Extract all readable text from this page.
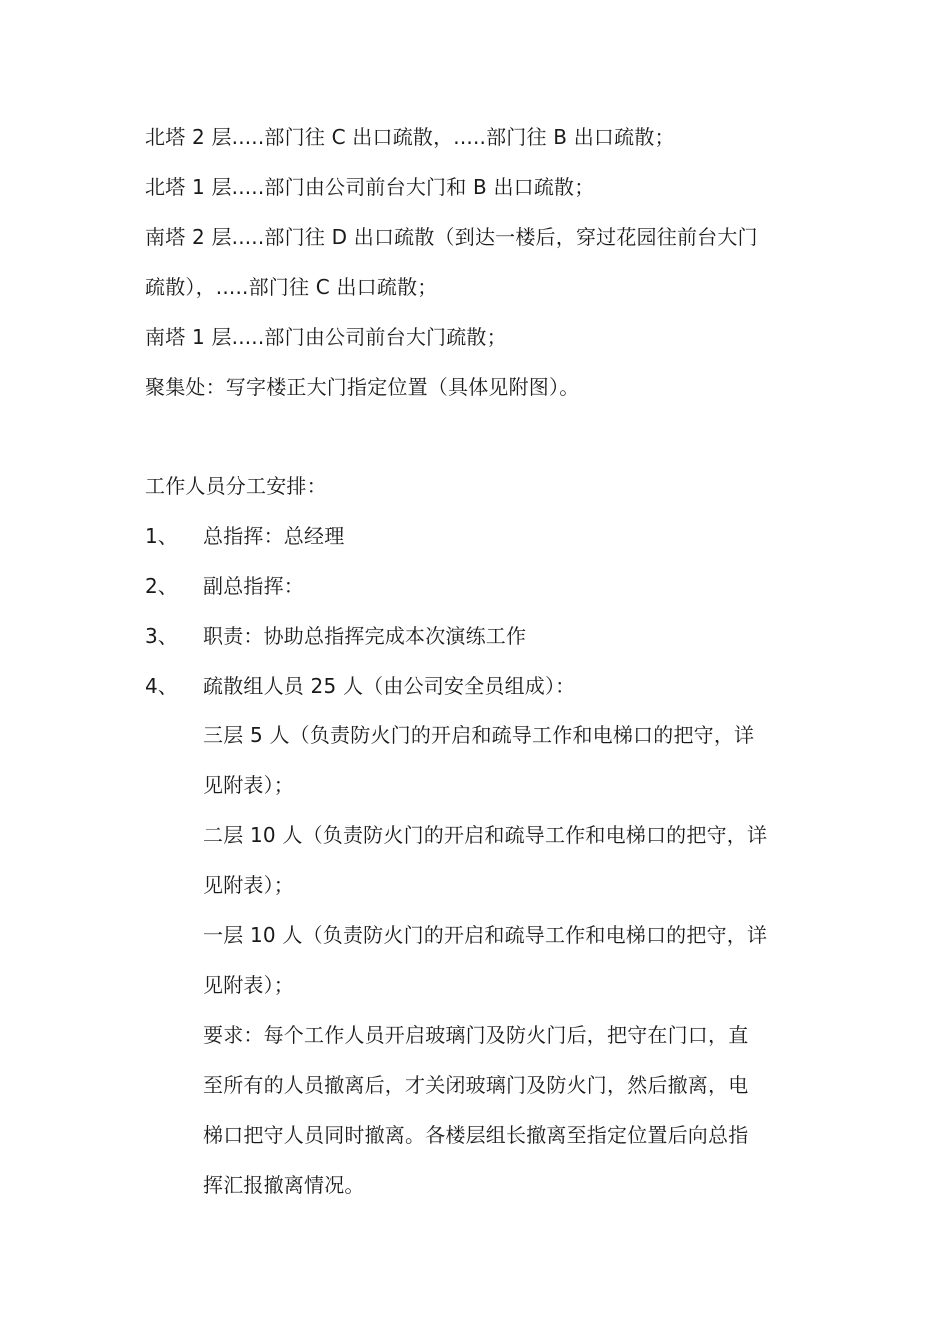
北塔 2 层.....部门往 C 出口疏散，.....部门往 B 出口疏散；
北塔 1 层.....部门由公司前台大门和 B 出口疏散；
南塔 2 层.....部门往 D 出口疏散（到达一楼后，穿过花园往前台大门
疏散），.....部门往 C 出口疏散；
南塔 1 层.....部门由公司前台大门疏散；
聚集处：写字楼正大门指定位置（具体见附图）。
工作人员分工安排：
1、 总指挥：总经理
2、 副总指挥：
3、 职责：协助总指挥完成本次演练工作
4、 疏散组人员 25 人（由公司安全员组成）：
三层 5 人（负责防火门的开启和疏导工作和电梯口的把守，详
见附表）；
二层 10 人（负责防火门的开启和疏导工作和电梯口的把守，详
见附表）；
一层 10 人（负责防火门的开启和疏导工作和电梯口的把守，详
见附表）；
要求：每个工作人员开启玻璃门及防火门后，把守在门口，直
至所有的人员撤离后，才关闭玻璃门及防火门，然后撤离，电
梯口把守人员同时撤离。各楼层组长撤离至指定位置后向总指
挥汇报撤离情况。
